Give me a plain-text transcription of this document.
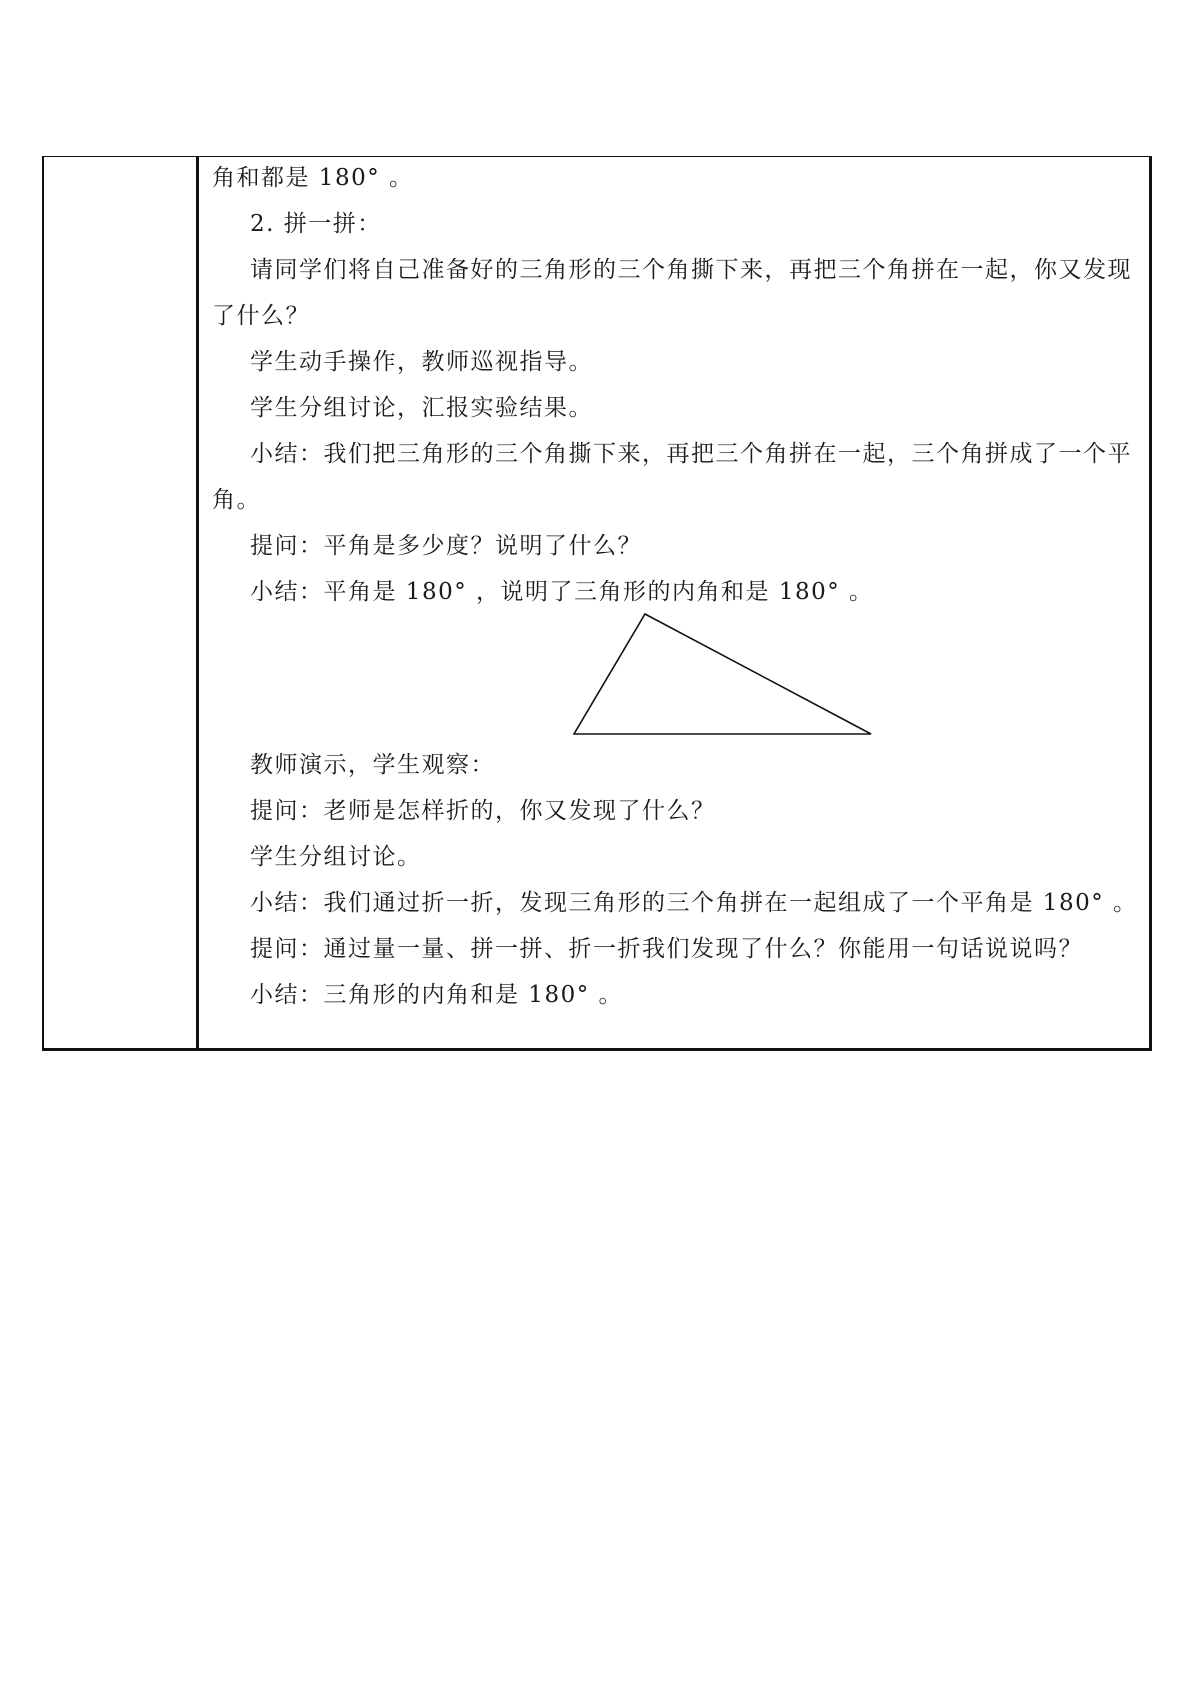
角和都是 180° 。
2. 拼一拼：
请同学们将自己准备好的三角形的三个角撕下来，再把三个角拼在一起，你又发现
了什么？
学生动手操作，教师巡视指导。
学生分组讨论，汇报实验结果。
小结：我们把三角形的三个角撕下来，再把三个角拼在一起，三个角拼成了一个平
角。
提问：平角是多少度？说明了什么？
小结：平角是 180° ，说明了三角形的内角和是 180° 。
教师演示，学生观察：
提问：老师是怎样折的，你又发现了什么？
学生分组讨论。
小结：我们通过折一折，发现三角形的三个角拼在一起组成了一个平角是 180° 。
提问：通过量一量、拼一拼、折一折我们发现了什么？你能用一句话说说吗？
小结：三角形的内角和是 180° 。
